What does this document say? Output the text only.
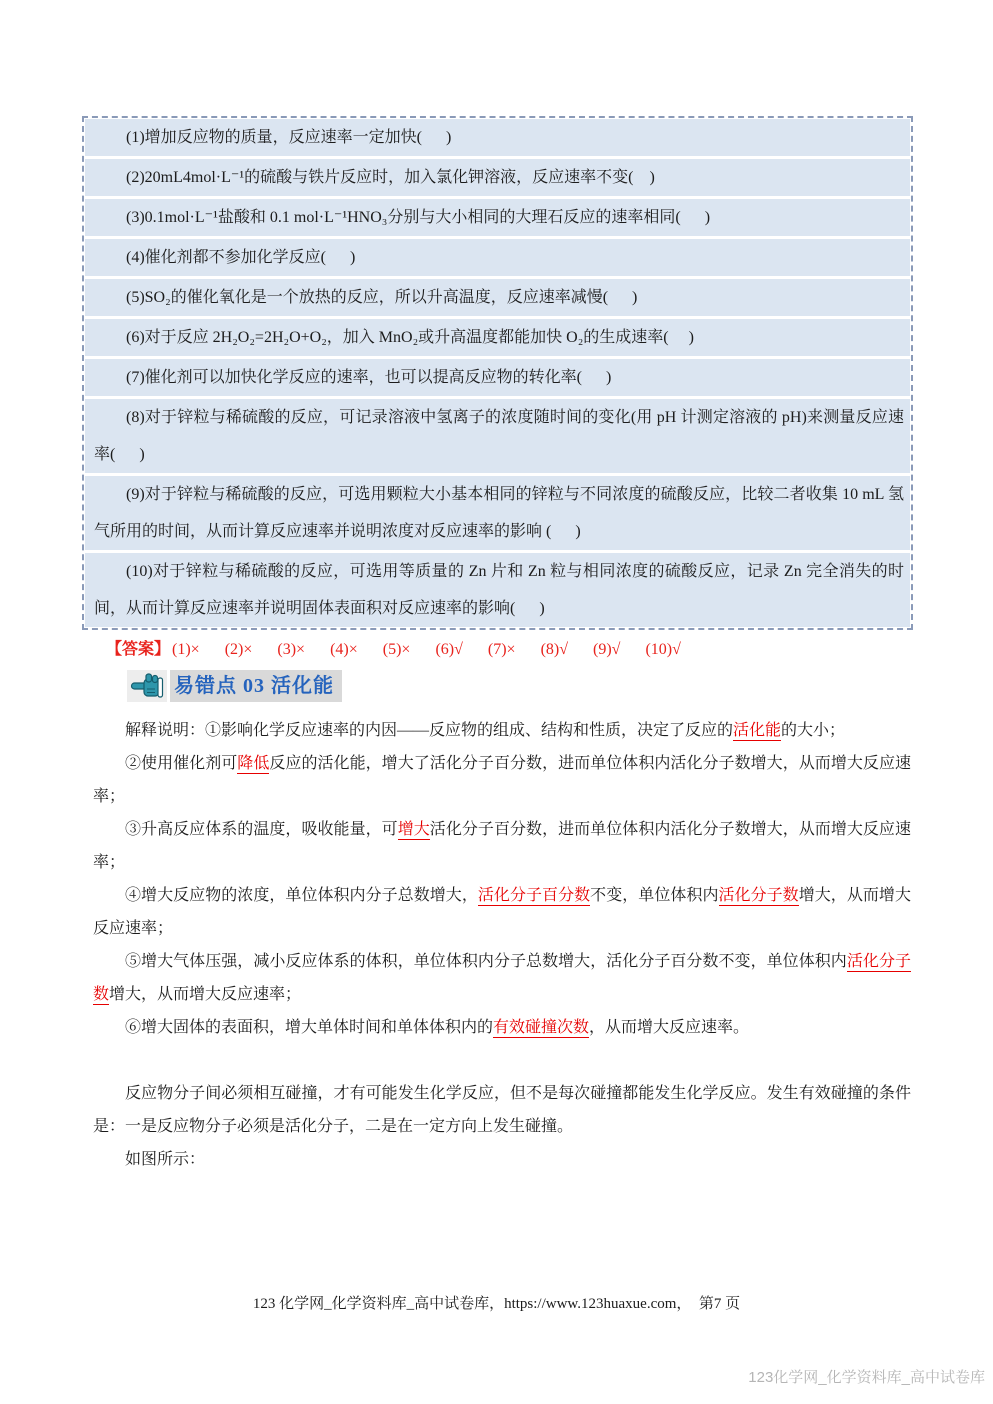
(1)增加反应物的质量，反应速率一定加快(      )
(2)20mL4mol·L⁻¹的硫酸与铁片反应时，加入氯化钾溶液，反应速率不变(    )
(3)0.1mol·L⁻¹盐酸和 0.1 mol·L⁻¹HNO₃分别与大小相同的大理石反应的速率相同(      )
(4)催化剂都不参加化学反应(      )
(5)SO₂的催化氧化是一个放热的反应，所以升高温度，反应速率减慢(      )
(6)对于反应 2H₂O₂=2H₂O+O₂，加入 MnO₂或升高温度都能加快 O₂的生成速率(     )
(7)催化剂可以加快化学反应的速率，也可以提高反应物的转化率(      )
(8)对于锌粒与稀硫酸的反应，可记录溶液中氢离子的浓度随时间的变化(用 pH 计测定溶液的 pH)来测量反应速率(      )
(9)对于锌粒与稀硫酸的反应，可选用颗粒大小基本相同的锌粒与不同浓度的硫酸反应，比较二者收集 10 mL 氢气所用的时间，从而计算反应速率并说明浓度对反应速率的影响 (      )
(10)对于锌粒与稀硫酸的反应，可选用等质量的 Zn 片和 Zn 粒与相同浓度的硫酸反应，记录 Zn 完全消失的时间，从而计算反应速率并说明固体表面积对反应速率的影响(      )
【答案】 (1)× (2)× (3)× (4)× (5)× (6)√ (7)× (8)√ (9)√ (10)√
易错点 03 活化能

解释说明：①影响化学反应速率的内因——反应物的组成、结构和性质，决定了反应的活化能的大小；

②使用催化剂可降低反应的活化能，增大了活化分子百分数，进而单位体积内活化分子数增大，从而增大反应速率；

③升高反应体系的温度，吸收能量，可增大活化分子百分数，进而单位体积内活化分子数增大，从而增大反应速率；

④增大反应物的浓度，单位体积内分子总数增大，活化分子百分数不变，单位体积内活化分子数增大，从而增大反应速率；

⑤增大气体压强，减小反应体系的体积，单位体积内分子总数增大，活化分子百分数不变，单位体积内活化分子数增大，从而增大反应速率；

⑥增大固体的表面积，增大单体时间和单体体积内的有效碰撞次数，从而增大反应速率。

反应物分子间必须相互碰撞，才有可能发生化学反应，但不是每次碰撞都能发生化学反应。发生有效碰撞的条件是：一是反应物分子必须是活化分子，二是在一定方向上发生碰撞。

如图所示：

123 化学网_化学资料库_高中试卷库，https://www.123huaxue.com，  第7 页
123化学网_化学资料库_高中试卷库
